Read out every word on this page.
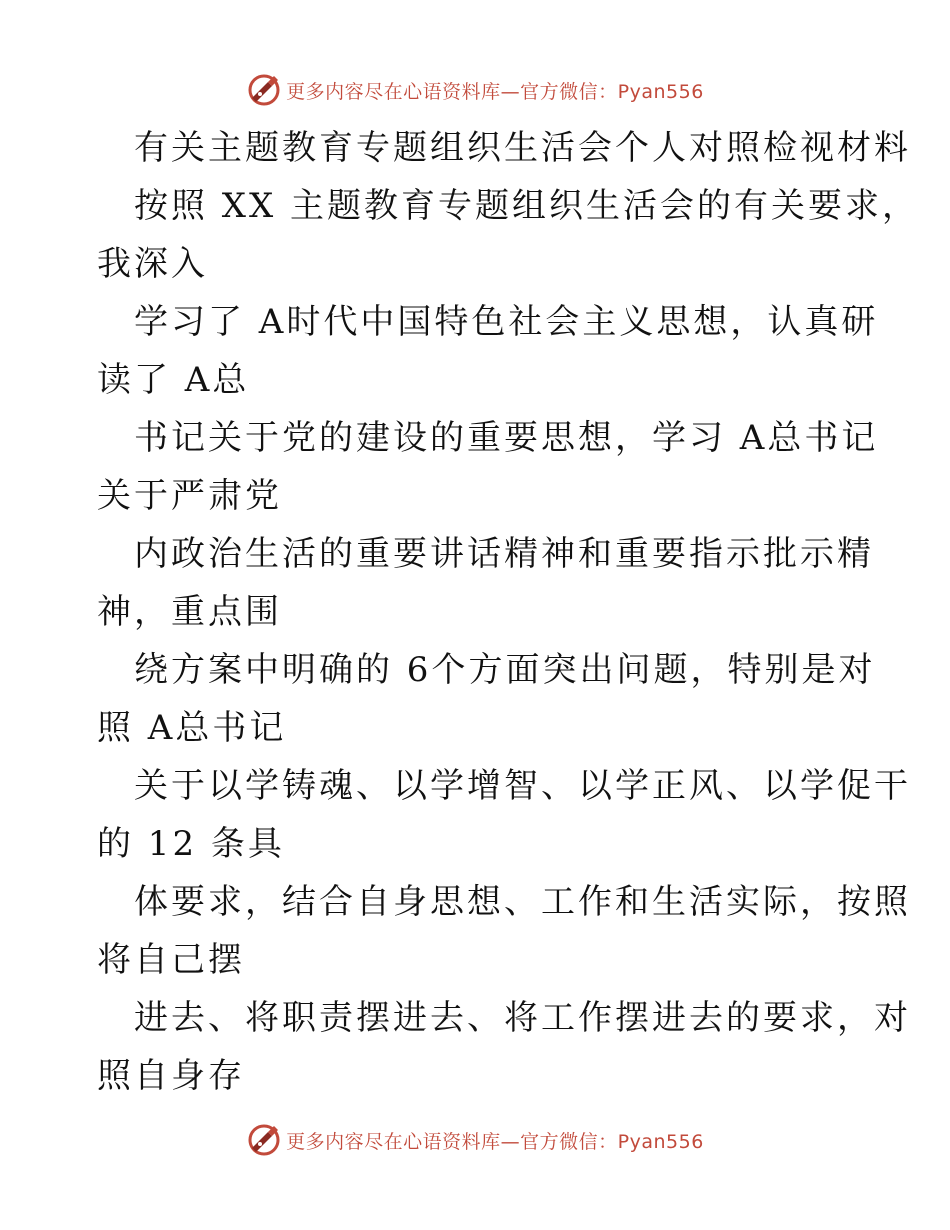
更多内容尽在心语资料库—官方微信：Pyan556
有关主题教育专题组织生活会个人对照检视材料
按照 XX 主题教育专题组织生活会的有关要求，
我深入
学习了 A时代中国特色社会主义思想，认真研
读了 A总
书记关于党的建设的重要思想，学习 A总书记
关于严肃党
内政治生活的重要讲话精神和重要指示批示精
神，重点围
绕方案中明确的 6个方面突出问题，特别是对
照 A总书记
关于以学铸魂、以学增智、以学正风、以学促干
的 12 条具
体要求，结合自身思想、工作和生活实际，按照
将自己摆
进去、将职责摆进去、将工作摆进去的要求，对
照自身存
更多内容尽在心语资料库—官方微信：Pyan556
